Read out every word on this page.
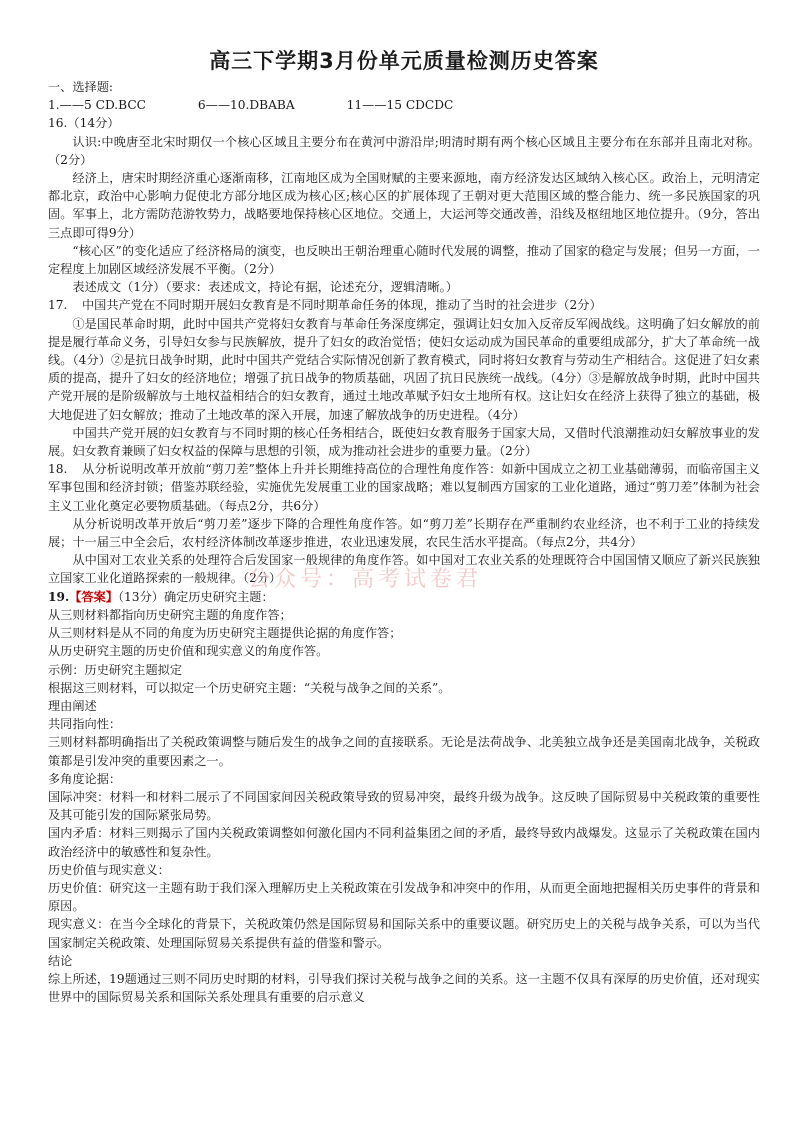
高三下学期3月份单元质量检测历史答案

一、选择题:

1.——5 CD.BCC	6——10.DBABA	11——15 CDCDC

16.（14分）

认识:中晚唐至北宋时期仅一个核心区域且主要分布在黄河中游沿岸;明清时期有两个核心区域且主要分布在东部并且南北对称。（2分）

经济上，唐宋时期经济重心逐渐南移，江南地区成为全国财赋的主要来源地，南方经济发达区域纳入核心区。政治上，元明清定都北京，政治中心影响力促使北方部分地区成为核心区;核心区的扩展体现了王朝对更大范围区域的整合能力、统一多民族国家的巩固。军事上，北方需防范游牧势力，战略要地保持核心区地位。交通上，大运河等交通改善，沿线及枢纽地区地位提升。（9分，答出三点即可得9分）

“核心区”的变化适应了经济格局的演变，也反映出王朝治理重心随时代发展的调整，推动了国家的稳定与发展；但另一方面，一定程度上加剧区域经济发展不平衡。（2分）

表述成文（1分）（要求：表述成文，持论有据，论述充分，逻辑清晰。）

17. 中国共产党在不同时期开展妇女教育是不同时期革命任务的体现，推动了当时的社会进步（2分）

①是国民革命时期，此时中国共产党将妇女教育与革命任务深度绑定，强调让妇女加入反帝反军阀战线。这明确了妇女解放的前提是履行革命义务，引导妇女参与民族解放，提升了妇女的政治觉悟；使妇女运动成为国民革命的重要组成部分，扩大了革命统一战线。（4分）②是抗日战争时期，此时中国共产党结合实际情况创新了教育模式，同时将妇女教育与劳动生产相结合。这促进了妇女素质的提高，提升了妇女的经济地位；增强了抗日战争的物质基础，巩固了抗日民族统一战线。（4分）③是解放战争时期，此时中国共产党开展的是阶级解放与土地权益相结合的妇女教育，通过土地改革赋予妇女土地所有权。这让妇女在经济上获得了独立的基础，极大地促进了妇女解放；推动了土地改革的深入开展，加速了解放战争的历史进程。（4分）

中国共产党开展的妇女教育与不同时期的核心任务相结合，既使妇女教育服务于国家大局，又借时代浪潮推动妇女解放事业的发展。妇女教育兼顾了妇女权益的保障与思想的引领，成为推动社会进步的重要力量。（2分）

18. 从分析说明改革开放前“剪刀差”整体上升并长期维持高位的合理性角度作答：如新中国成立之初工业基础薄弱，而临帝国主义军事包围和经济封锁；借鉴苏联经验，实施优先发展重工业的国家战略；难以复制西方国家的工业化道路，通过“剪刀差”体制为社会主义工业化奠定必要物质基础。（每点2分，共6分）

从分析说明改革开放后“剪刀差”逐步下降的合理性角度作答。如“剪刀差”长期存在严重制约农业经济，也不利于工业的持续发展；十一届三中全会后，农村经济体制改革逐步推进，农业迅速发展，农民生活水平提高。（每点2分，共4分）

从中国对工农业关系的处理符合后发国家一般规律的角度作答。如中国对工农业关系的处理既符合中国国情又顺应了新兴民族独立国家工业化道路探索的一般规律。（2分）

19.【答案】（13分）确定历史研究主题：

从三则材料都指向历史研究主题的角度作答；

从三则材料是从不同的角度为历史研究主题提供论据的角度作答；

从历史研究主题的历史价值和现实意义的角度作答。

示例：历史研究主题拟定

根据这三则材料，可以拟定一个历史研究主题：“关税与战争之间的关系”。

理由阐述

共同指向性：

三则材料都明确指出了关税政策调整与随后发生的战争之间的直接联系。无论是法荷战争、北美独立战争还是美国南北战争，关税政策都是引发冲突的重要因素之一。

多角度论据：

国际冲突：材料一和材料二展示了不同国家间因关税政策导致的贸易冲突，最终升级为战争。这反映了国际贸易中关税政策的重要性及其可能引发的国际紧张局势。

国内矛盾：材料三则揭示了国内关税政策调整如何激化国内不同利益集团之间的矛盾，最终导致内战爆发。这显示了关税政策在国内政治经济中的敏感性和复杂性。

历史价值与现实意义：

历史价值：研究这一主题有助于我们深入理解历史上关税政策在引发战争和冲突中的作用，从而更全面地把握相关历史事件的背景和原因。

现实意义：在当今全球化的背景下，关税政策仍然是国际贸易和国际关系中的重要议题。研究历史上的关税与战争关系，可以为当代国家制定关税政策、处理国际贸易关系提供有益的借鉴和警示。

结论

综上所述，19题通过三则不同历史时期的材料，引导我们探讨关税与战争之间的关系。这一主题不仅具有深厚的历史价值，还对现实世界中的国际贸易关系和国际关系处理具有重要的启示意义

公众号：高考试卷君
